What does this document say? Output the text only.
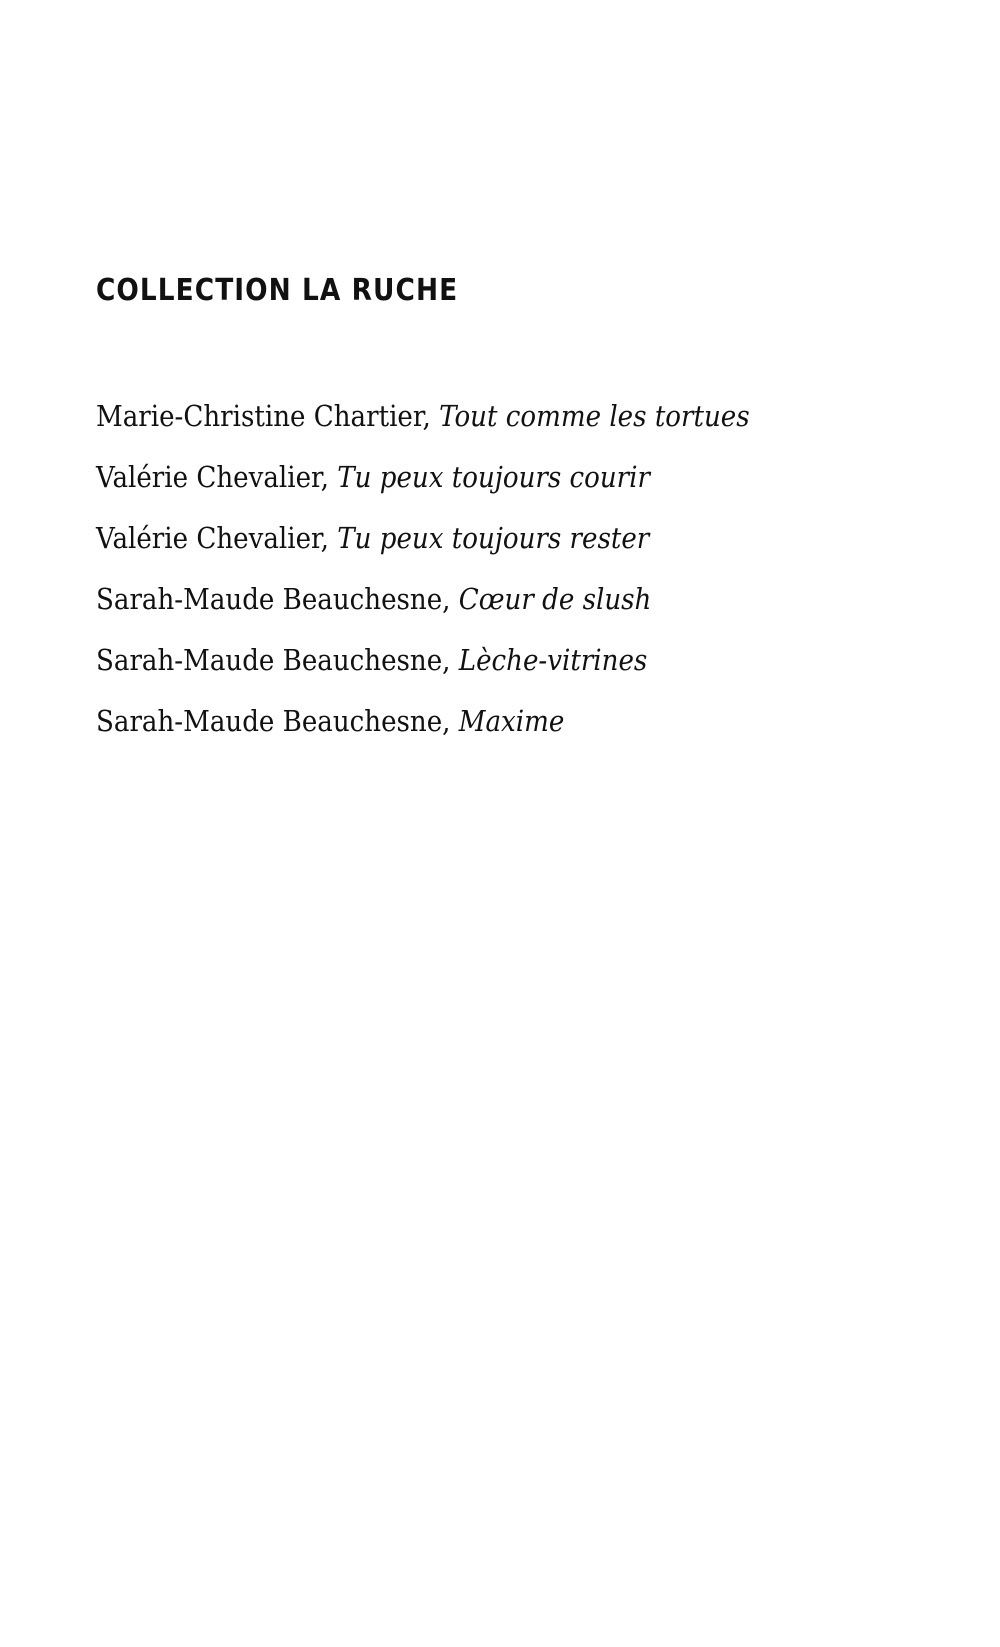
COLLECTION LA RUCHE
Marie-Christine Chartier, Tout comme les tortues
Valérie Chevalier, Tu peux toujours courir
Valérie Chevalier, Tu peux toujours rester
Sarah-Maude Beauchesne, Cœur de slush
Sarah-Maude Beauchesne, Lèche-vitrines
Sarah-Maude Beauchesne, Maxime
